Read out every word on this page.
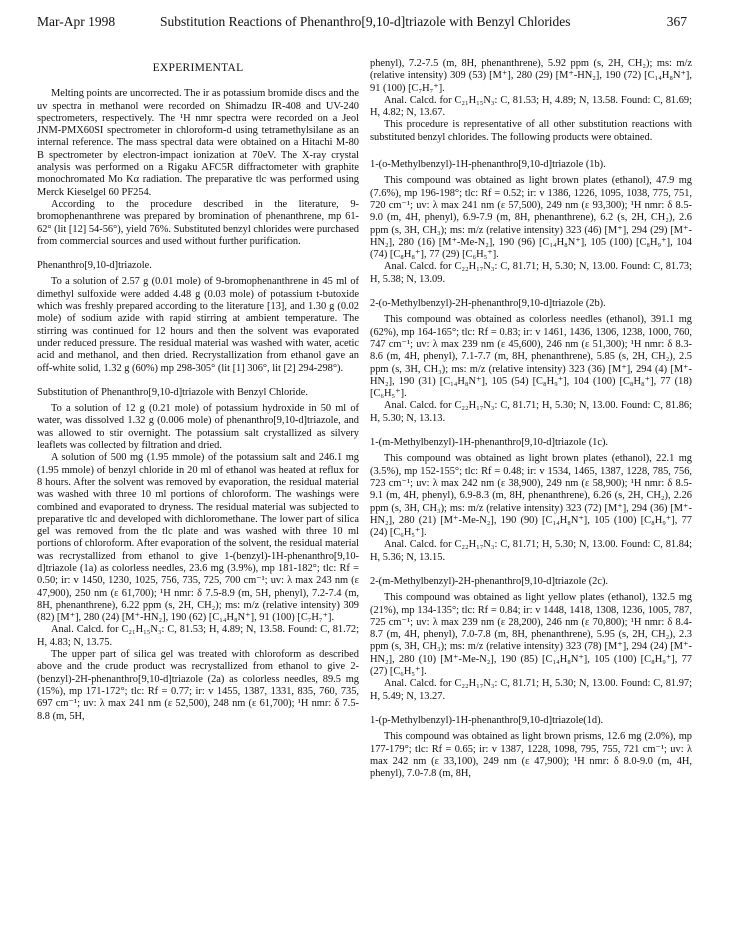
Mar-Apr 1998	Substitution Reactions of Phenanthro[9,10-d]triazole with Benzyl Chlorides	367
EXPERIMENTAL

Melting points are uncorrected. The ir as potassium bromide discs and the uv spectra in methanol were recorded on Shimadzu IR-408 and UV-240 spectrometers, respectively. The ¹H nmr spectra were recorded on a Jeol JNM-PMX60SI spectrometer in chloroform-d using tetramethylsilane as an internal reference. The mass spectral data were obtained on a Hitachi M-80 B spectrometer by electron-impact ionization at 70eV. The X-ray crystal analysis was performed on a Rigaku AFC5R diffractometer with graphite monochromated Mo Kα radiation. The preparative tlc was performed using Merck Kieselgel 60 PF254.

According to the procedure described in the literature, 9-bromophenanthrene was prepared by bromination of phenanthrene, mp 61-62° (lit [12] 54-56°), yield 76%. Substituted benzyl chlorides were purchased from commercial sources and used without further purification.

Phenanthro[9,10-d]triazole.

To a solution of 2.57 g (0.01 mole) of 9-bromophenanthrene in 45 ml of dimethyl sulfoxide were added 4.48 g (0.03 mole) of potassium t-butoxide which was freshly prepared according to the literature [13], and 1.30 g (0.02 mole) of sodium azide with rapid stirring at ambient temperature. The stirring was continued for 12 hours and then the solvent was evaporated under reduced pressure. The residual material was washed with water, acetic acid and methanol, and then dried. Recrystallization from ethanol gave an off-white solid, 1.32 g (60%) mp 298-305° (lit [1] 306°, lit [2] 294-298°).

Substitution of Phenanthro[9,10-d]triazole with Benzyl Chloride.

To a solution of 12 g (0.21 mole) of potassium hydroxide in 50 ml of water, was dissolved 1.32 g (0.006 mole) of phenanthro[9,10-d]triazole, and was allowed to stir overnight. The potassium salt crystallized as silvery leaflets was collected by filtration and dried.

A solution of 500 mg (1.95 mmole) of the potassium salt and 246.1 mg (1.95 mmole) of benzyl chloride in 20 ml of ethanol was heated at reflux for 8 hours. After the solvent was removed by evaporation, the residual material was washed with three 10 ml portions of chloroform. The washings were combined and evaporated to dryness. The residual material was subjected to preparative tlc and developed with dichloromethane. The lower part of silica gel was removed from the tlc plate and was washed with three 10 ml portions of chloroform. After evaporation of the solvent, the residual material was recrystallized from ethanol to give 1-(benzyl)-1H-phenanthro[9,10-d]triazole (1a) as colorless needles, 23.6 mg (3.9%), mp 181-182°; tlc: Rf = 0.50; ir: v 1450, 1230, 1025, 756, 735, 725, 700 cm⁻¹; uv: λ max 243 nm (ε 47,900), 250 nm (ε 61,700); ¹H nmr: δ 7.5-8.9 (m, 5H, phenyl), 7.2-7.4 (m, 8H, phenanthrene), 6.22 ppm (s, 2H, CH₂); ms: m/z (relative intensity) 309 (82) [M⁺], 280 (24) [M⁺-HN₂], 190 (62) [C₁₄H₈N⁺], 91 (100) [C₇H₇⁺].

Anal. Calcd. for C₂₁H₁₅N₃: C, 81.53; H, 4.89; N, 13.58. Found: C, 81.72; H, 4.83; N, 13.75.

The upper part of silica gel was treated with chloroform as described above and the crude product was recrystallized from ethanol to give 2-(benzyl)-2H-phenanthro[9,10-d]triazole (2a) as colorless needles, 89.5 mg (15%), mp 171-172°; tlc: Rf = 0.77; ir: v 1455, 1387, 1331, 835, 760, 735, 697 cm⁻¹; uv: λ max 241 nm (ε 52,500), 248 nm (ε 61,700); ¹H nmr: δ 7.5-8.8 (m, 5H,

phenyl), 7.2-7.5 (m, 8H, phenanthrene), 5.92 ppm (s, 2H, CH₂); ms: m/z (relative intensity) 309 (53) [M⁺], 280 (29) [M⁺-HN₂], 190 (72) [C₁₄H₈N⁺], 91 (100) [C₇H₇⁺].

Anal. Calcd. for C₂₁H₁₅N₃: C, 81.53; H, 4.89; N, 13.58. Found: C, 81.69; H, 4.82; N, 13.67.

This procedure is representative of all other substitution reactions with substituted benzyl chlorides. The following products were obtained.

1-(o-Methylbenzyl)-1H-phenanthro[9,10-d]triazole (1b).

This compound was obtained as light brown plates (ethanol), 47.9 mg (7.6%), mp 196-198°; tlc: Rf = 0.52; ir: v 1386, 1226, 1095, 1038, 775, 751, 720 cm⁻¹; uv: λ max 241 nm (ε 57,500), 249 nm (ε 93,300); ¹H nmr: δ 8.5-9.0 (m, 4H, phenyl), 6.9-7.9 (m, 8H, phenanthrene), 6.2 (s, 2H, CH₂), 2.6 ppm (s, 3H, CH₃); ms: m/z (relative intensity) 323 (46) [M⁺], 294 (29) [M⁺-HN₂], 280 (16) [M⁺-Me-N₂], 190 (96) [C₁₄H₈N⁺], 105 (100) [C₈H₉⁺], 104 (74) [C₈H₈⁺], 77 (29) [C₆H₅⁺].

Anal. Calcd. for C₂₂H₁₇N₃: C, 81.71; H, 5.30; N, 13.00. Found: C, 81.73; H, 5.38; N, 13.09.

2-(o-Methylbenzyl)-2H-phenanthro[9,10-d]triazole (2b).

This compound was obtained as colorless needles (ethanol), 391.1 mg (62%), mp 164-165°; tlc: Rf = 0.83; ir: v 1461, 1436, 1306, 1238, 1000, 760, 747 cm⁻¹; uv: λ max 239 nm (ε 45,600), 246 nm (ε 51,300); ¹H nmr: δ 8.3-8.6 (m, 4H, phenyl), 7.1-7.7 (m, 8H, phenanthrene), 5.85 (s, 2H, CH₂), 2.5 ppm (s, 3H, CH₃); ms: m/z (relative intensity) 323 (36) [M⁺], 294 (4) [M⁺-HN₂], 190 (31) [C₁₄H₈N⁺], 105 (54) [C₈H₉⁺], 104 (100) [C₈H₈⁺], 77 (18) [C₆H₅⁺].

Anal. Calcd. for C₂₂H₁₇N₃: C, 81.71; H, 5.30; N, 13.00. Found: C, 81.86; H, 5.30; N, 13.13.

1-(m-Methylbenzyl)-1H-phenanthro[9,10-d]triazole (1c).

This compound was obtained as light brown plates (ethanol), 22.1 mg (3.5%), mp 152-155°; tlc: Rf = 0.48; ir: v 1534, 1465, 1387, 1228, 785, 756, 723 cm⁻¹; uv: λ max 242 nm (ε 38,900), 249 nm (ε 58,900); ¹H nmr: δ 8.5-9.1 (m, 4H, phenyl), 6.9-8.3 (m, 8H, phenanthrene), 6.26 (s, 2H, CH₂), 2.26 ppm (s, 3H, CH₃); ms: m/z (relative intensity) 323 (72) [M⁺], 294 (36) [M⁺-HN₂], 280 (21) [M⁺-Me-N₂], 190 (90) [C₁₄H₈N⁺], 105 (100) [C₈H₉⁺], 77 (24) [C₆H₅⁺].

Anal. Calcd. for C₂₂H₁₇N₃: C, 81.71; H, 5.30; N, 13.00. Found: C, 81.84; H, 5.36; N, 13.15.

2-(m-Methylbenzyl)-2H-phenanthro[9,10-d]triazole (2c).

This compound was obtained as light yellow plates (ethanol), 132.5 mg (21%), mp 134-135°; tlc: Rf = 0.84; ir: v 1448, 1418, 1308, 1236, 1005, 787, 725 cm⁻¹; uv: λ max 239 nm (ε 28,200), 246 nm (ε 70,800); ¹H nmr: δ 8.4-8.7 (m, 4H, phenyl), 7.0-7.8 (m, 8H, phenanthrene), 5.95 (s, 2H, CH₂), 2.3 ppm (s, 3H, CH₃); ms: m/z (relative intensity) 323 (78) [M⁺], 294 (24) [M⁺-HN₂], 280 (10) [M⁺-Me-N₂], 190 (85) [C₁₄H₈N⁺], 105 (100) [C₈H₉⁺], 77 (27) [C₆H₅⁺].

Anal. Calcd. for C₂₂H₁₇N₃: C, 81.71; H, 5.30; N, 13.00. Found: C, 81.97; H, 5.49; N, 13.27.

1-(p-Methylbenzyl)-1H-phenanthro[9,10-d]triazole(1d).

This compound was obtained as light brown prisms, 12.6 mg (2.0%), mp 177-179°; tlc: Rf = 0.65; ir: v 1387, 1228, 1098, 795, 755, 721 cm⁻¹; uv: λ max 242 nm (ε 33,100), 249 nm (ε 47,900); ¹H nmr: δ 8.0-9.0 (m, 4H, phenyl), 7.0-7.8 (m, 8H,
